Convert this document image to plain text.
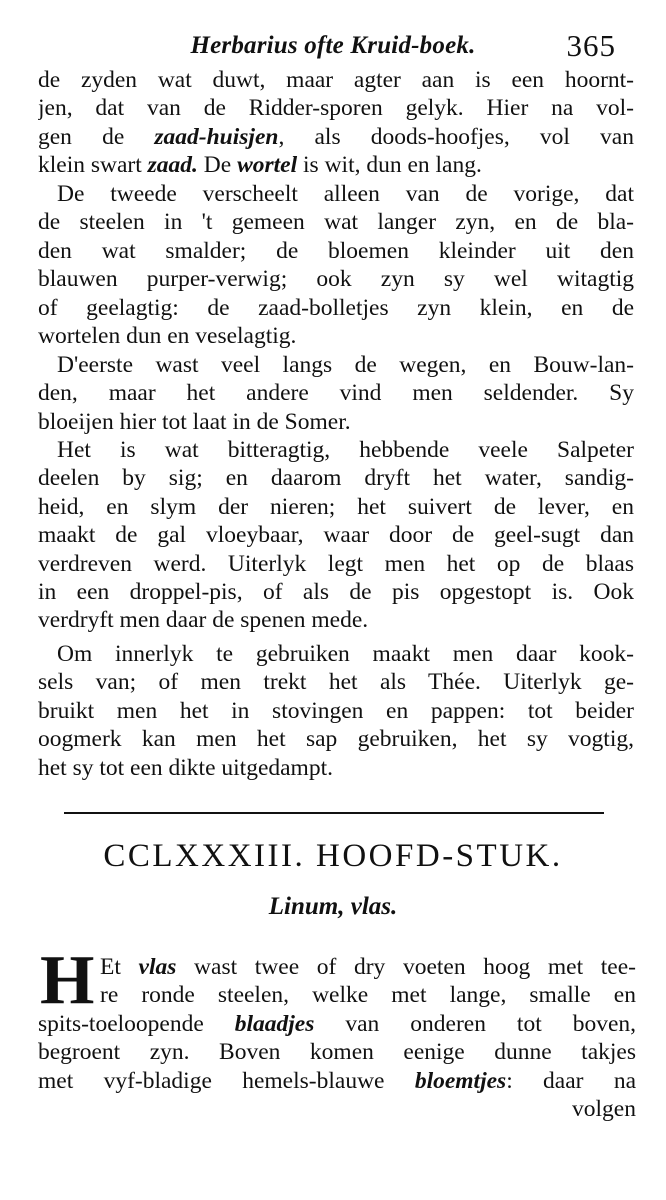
Herbarius ofte Kruid-boek.	365

de zyden wat duwt, maar agter aan is een hoornt-
jen, dat van de Ridder-sporen gelyk. Hier na vol-
gen de zaad-huisjen, als doods-hoofjes, vol van
klein swart zaad. De wortel is wit, dun en lang.

De tweede verscheelt alleen van de vorige, dat
de steelen in 't gemeen wat langer zyn, en de bla-
den wat smalder; de bloemen kleinder uit den
blauwen purper-verwig; ook zyn sy wel witagtig
of geelagtig: de zaad-bolletjes zyn klein, en de
wortelen dun en veselagtig.

D'eerste wast veel langs de wegen, en Bouw-lan-
den, maar het andere vind men seldender. Sy
bloeijen hier tot laat in de Somer.

Het is wat bitteragtig, hebbende veele Salpeter
deelen by sig; en daarom dryft het water, sandig-
heid, en slym der nieren; het suivert de lever, en
maakt de gal vloeybaar, waar door de geel-sugt dan
verdreven werd. Uiterlyk legt men het op de blaas
in een droppel-pis, of als de pis opgestopt is. Ook
verdryft men daar de spenen mede.

Om innerlyk te gebruiken maakt men daar kook-
sels van; of men trekt het als Thée. Uiterlyk ge-
bruikt men het in stovingen en pappen: tot beider
oogmerk kan men het sap gebruiken, het sy vogtig,
het sy tot een dikte uitgedampt.

CCLXXXIII. HOOFD-STUK.
Linum, vlas.
H Et vlas wast twee of dry voeten hoog met tee-
re ronde steelen, welke met lange, smalle en
spits-toeloopende blaadjes van onderen tot boven,
begroent zyn. Boven komen eenige dunne takjes
met vyf-bladige hemels-blauwe bloemtjes: daar na
volgen
